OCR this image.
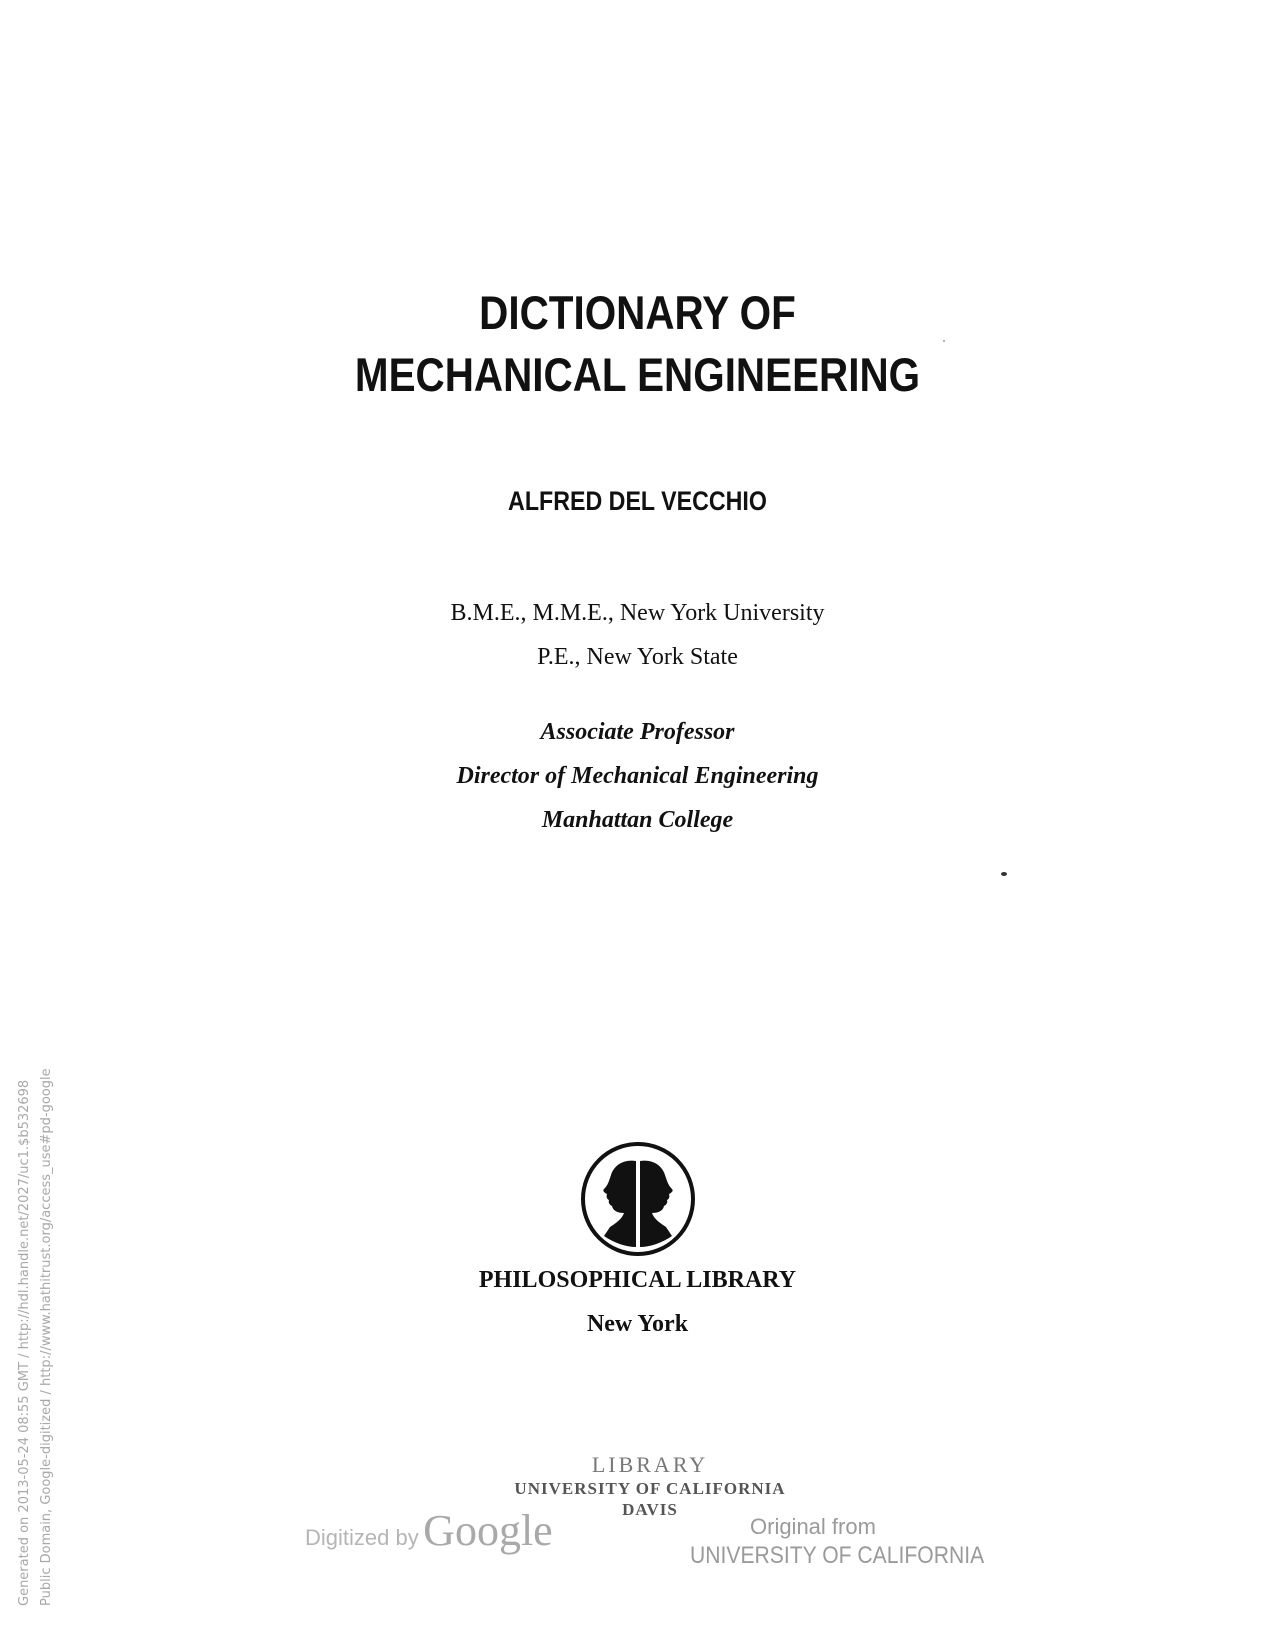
DICTIONARY OF
MECHANICAL ENGINEERING
ALFRED DEL VECCHIO
B.M.E., M.M.E., New York University
P.E., New York State
Associate Professor
Director of Mechanical Engineering
Manhattan College
PHILOSOPHICAL LIBRARY
New York
LIBRARY
UNIVERSITY OF CALIFORNIA
DAVIS
Digitized by Google	Original from
UNIVERSITY OF CALIFORNIA
Generated on 2013-05-24 08:55 GMT / http://hdl.handle.net/2027/uc1.$b532698 Public Domain, Google-digitized / http://www.hathitrust.org/access_use#pd-google
